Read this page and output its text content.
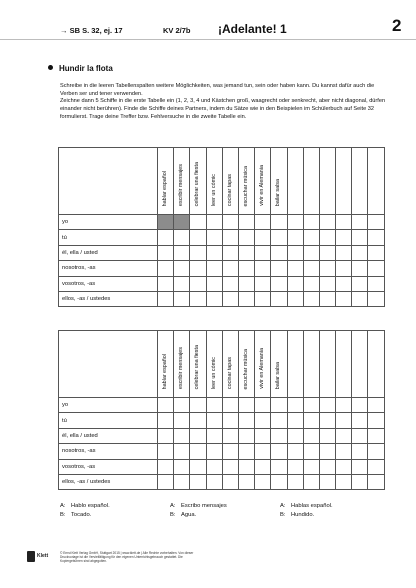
→ SB S. 32, ej. 17	KV 2/7b ¡Adelante! 1	2
Hundir la flota

Schreibe in die leeren Tabellenspalten weitere Möglichkeiten, was jemand tun, sein oder haben kann. Du kannst dafür auch die Verben ser und tener verwenden.

Zeichne dann 5 Schiffe in die erste Tabelle ein (1, 2, 3, 4 und Kästchen groß, waagrecht oder senkrecht, aber nicht diagonal, dürfen einander nicht berühren). Finde die Schiffe deines Partners, indem du Sätze wie in den Beispielen im Schülerbuch auf Seite 32 formulierst. Trage deine Treffer bzw. Fehlversuche in die zweite Tabelle ein.

	hablar español	escribir mensajes	celebrar una fiesta	leer un cómic	cocinar tapas	escuchar música	vivir en Alemania	bailar salsa						
yo														
tú														
él, ella / usted														
nosotros, -as														
vosotros, -as														
ellos, -as / ustedes														
	hablar español	escribir mensajes	celebrar una fiesta	leer un cómic	cocinar tapas	escuchar música	vivir en Alemania	bailar salsa						
yo														
tú														
él, ella / usted														
nosotros, -as														
vosotros, -as														
ellos, -as / ustedes														
A: Hablo español.
B: Tocado.
A: Escribo mensajes
B: Agua.
A: Hablas español.
B: Hundido.
Klett	© Ernst Klett Verlag GmbH, Stuttgart 2015 | www.klett.de | Alle Rechte vorbehalten. Von dieser Druckvorlage ist die Vervielfältigung für den eigenen Unterrichtsgebrauch gestattet. Die Kopiergebühren sind abgegolten.
